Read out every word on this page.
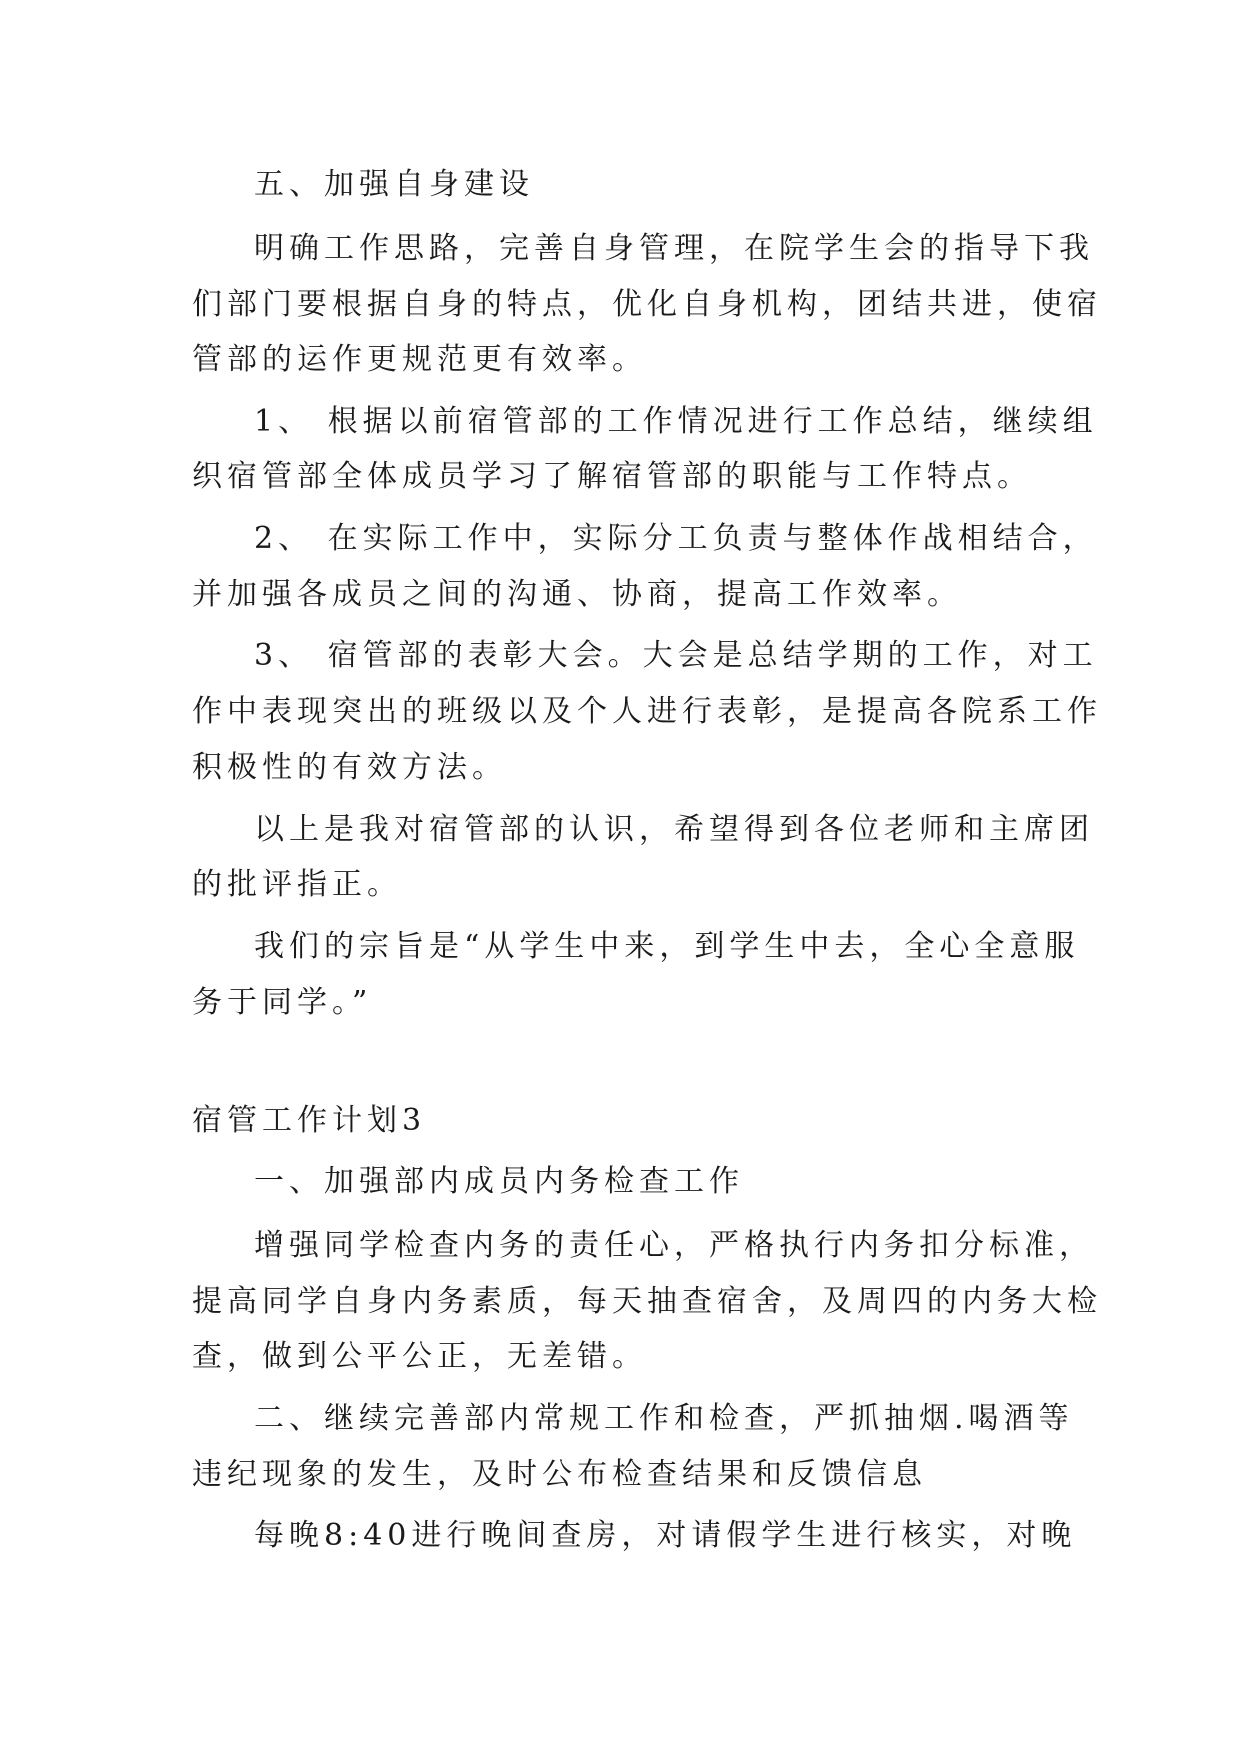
五、加强自身建设
明确工作思路，完善自身管理，在院学生会的指导下我
们部门要根据自身的特点，优化自身机构，团结共进，使宿
管部的运作更规范更有效率。
1、 根据以前宿管部的工作情况进行工作总结，继续组
织宿管部全体成员学习了解宿管部的职能与工作特点。
2、 在实际工作中，实际分工负责与整体作战相结合，
并加强各成员之间的沟通、协商，提高工作效率。
3、 宿管部的表彰大会。大会是总结学期的工作，对工
作中表现突出的班级以及个人进行表彰，是提高各院系工作
积极性的有效方法。
以上是我对宿管部的认识，希望得到各位老师和主席团
的批评指正。
我们的宗旨是“从学生中来，到学生中去，全心全意服
务于同学。”
宿管工作计划3
一、加强部内成员内务检查工作
增强同学检查内务的责任心，严格执行内务扣分标准，
提高同学自身内务素质，每天抽查宿舍，及周四的内务大检
查，做到公平公正，无差错。
二、继续完善部内常规工作和检查，严抓抽烟.喝酒等
违纪现象的发生，及时公布检查结果和反馈信息
每晚8:40进行晚间查房，对请假学生进行核实，对晚
